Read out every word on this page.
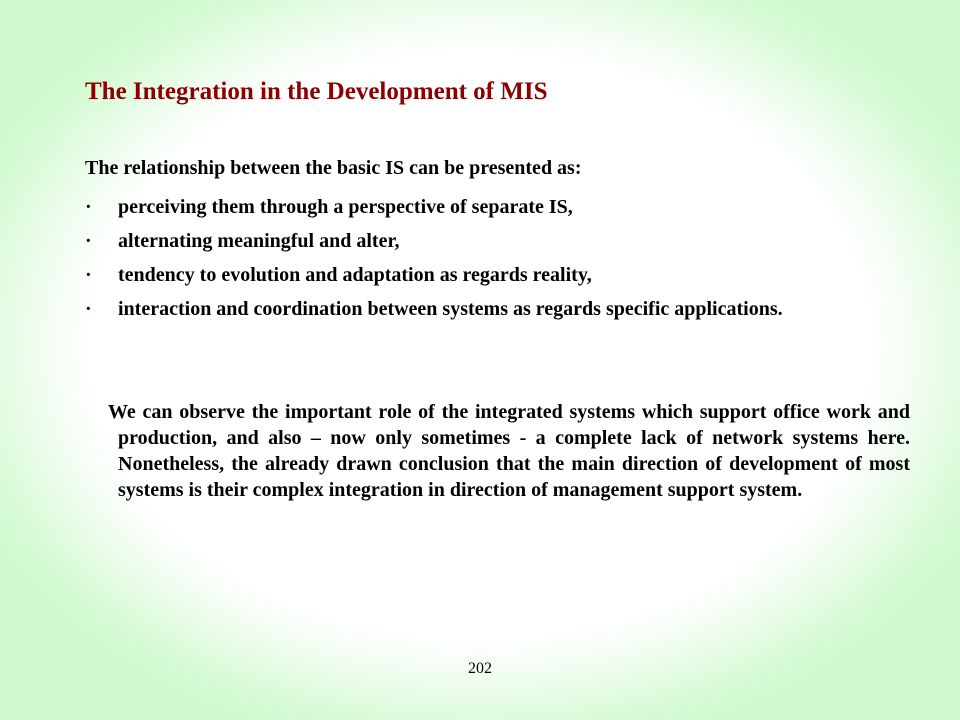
The Integration in the Development of MIS
The relationship between the basic IS can be presented as:
· perceiving them through a perspective of separate IS,
· alternating meaningful and alter,
· tendency to evolution and adaptation as regards reality,
· interaction and coordination between systems as regards specific applications.

We can observe the important role of the integrated systems which support office work and production, and also – now only sometimes - a complete lack of network systems here. Nonetheless, the already drawn conclusion that the main direction of development of most systems is their complex integration in direction of management support system.

202
